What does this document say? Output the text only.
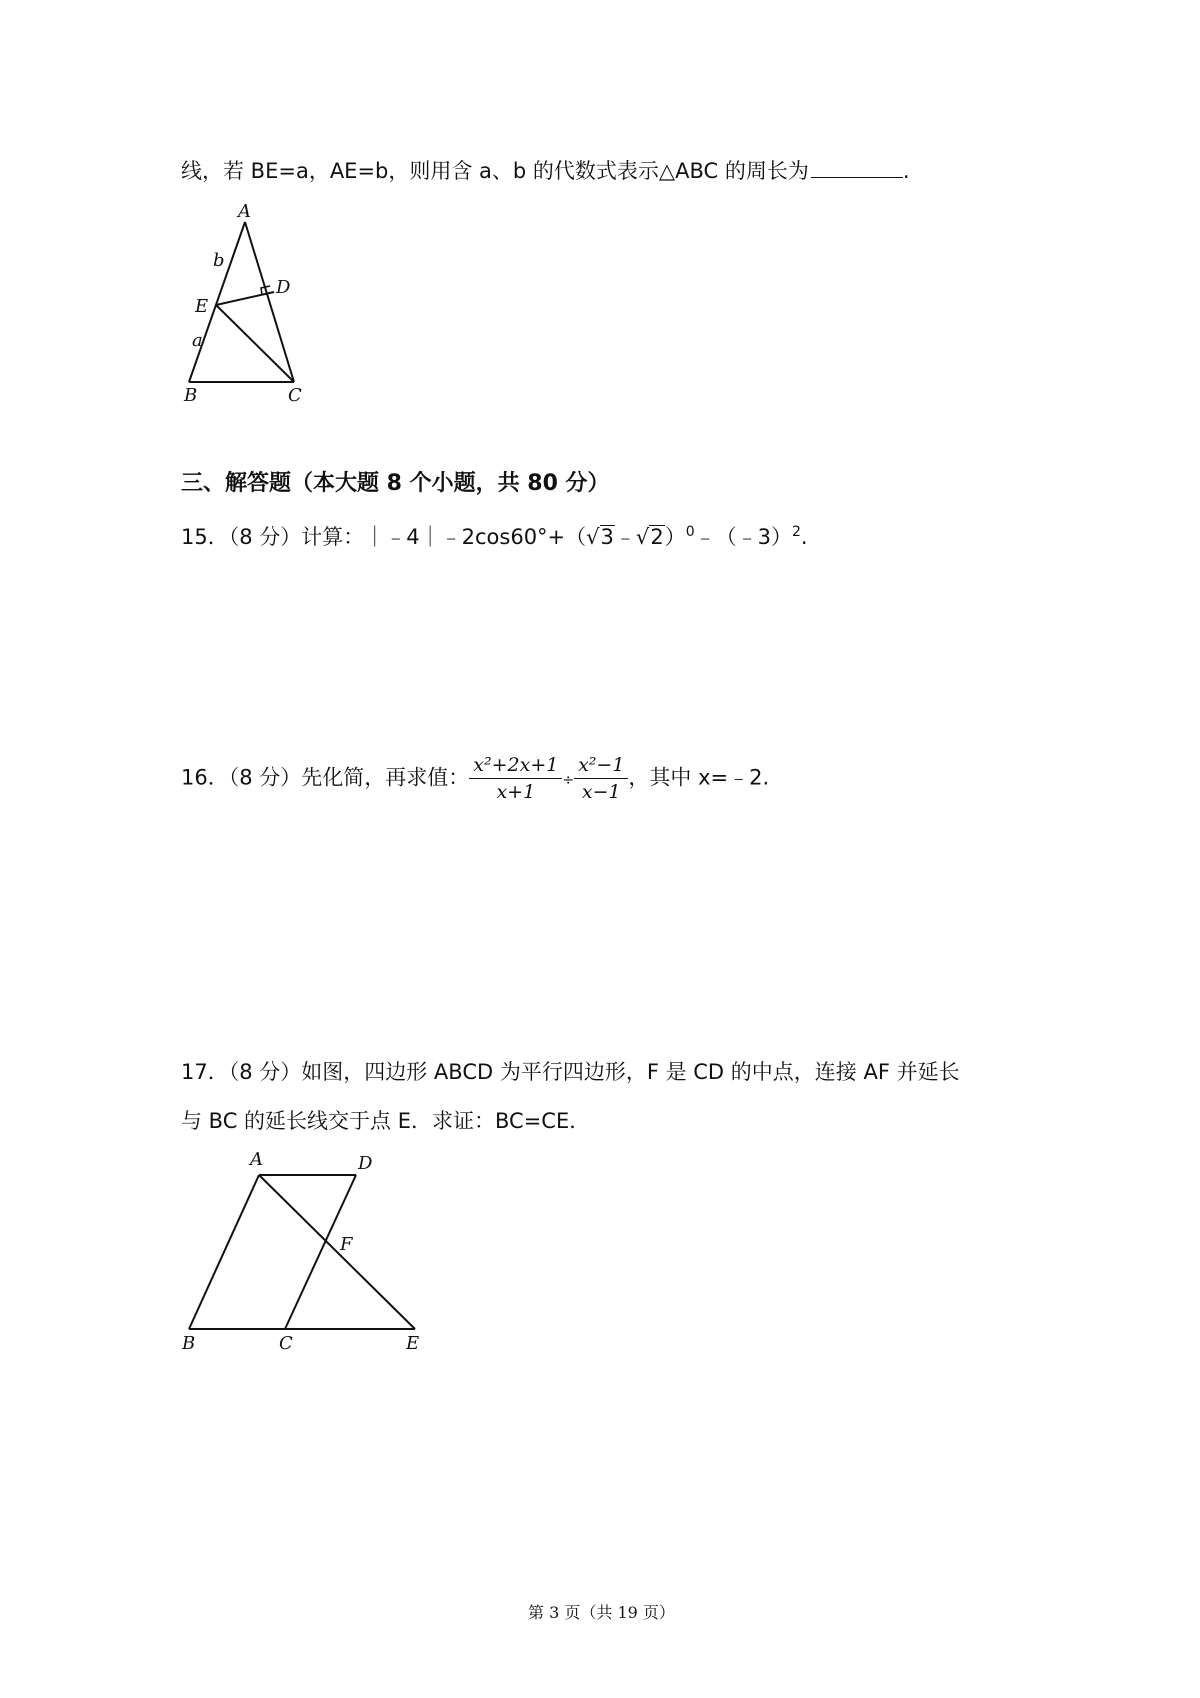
线，若 BE=a，AE=b，则用含 a、b 的代数式表示△ABC 的周长为	.
A
b
D
E
a
B	C
三、解答题（本大题 8 个小题，共 80 分）
15．（8 分）计算：｜﹣4｜﹣2cos60°+（√3﹣√2）$^0$﹣（﹣3）$^2$.
16．（8 分）先化简，再求值： $\frac{\text{x²+2x+1}}{x+1} \div \frac{\text{x²−1}}{x-1}$ ，其中 x=﹣2.
17．（8 分）如图，四边形 ABCD 为平行四边形，F 是 CD 的中点，连接 AF 并延长
与 BC 的延长线交于点 E．求证：BC=CE．
A	D
F
B	C	E
第 3 页（共 19 页）
